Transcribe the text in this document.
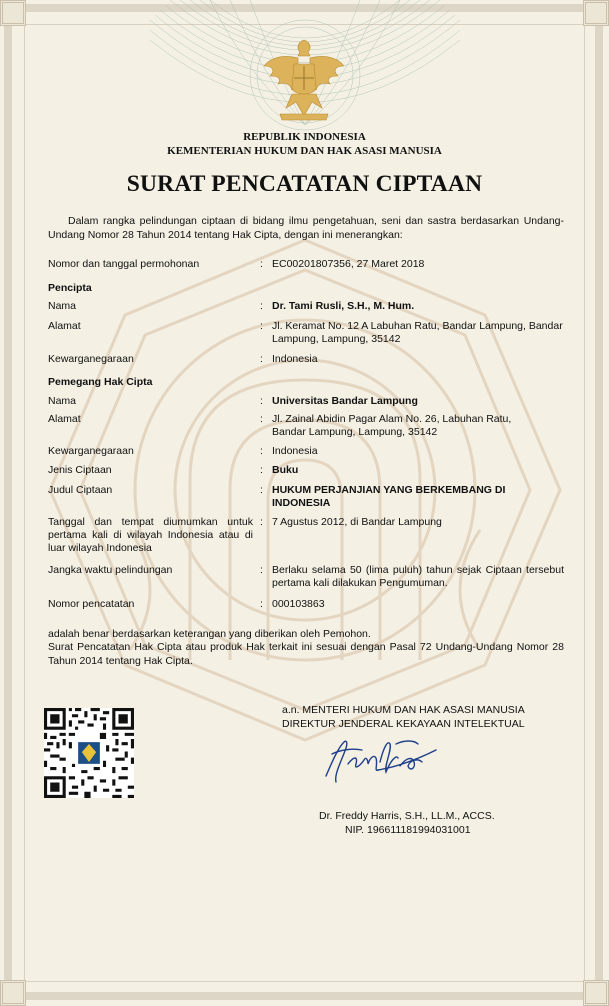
REPUBLIK INDONESIA
KEMENTERIAN HUKUM DAN HAK ASASI MANUSIA
SURAT PENCATATAN CIPTAAN
Dalam rangka pelindungan ciptaan di bidang ilmu pengetahuan, seni dan sastra berdasarkan Undang-Undang Nomor 28 Tahun 2014 tentang Hak Cipta, dengan ini menerangkan:
Nomor dan tanggal permohonan	: EC00201807356, 27 Maret 2018
Pencipta
Nama	: Dr. Tami Rusli, S.H., M. Hum.
Alamat	: Jl. Keramat No. 12 A Labuhan Ratu, Bandar Lampung, Bandar Lampung, Lampung, 35142
Kewarganegaraan	: Indonesia
Pemegang Hak Cipta
Nama	: Universitas Bandar Lampung
Alamat	: Jl. Zainal Abidin Pagar Alam No. 26, Labuhan Ratu, Bandar Lampung, Lampung, 35142
Kewarganegaraan	: Indonesia
Jenis Ciptaan	: Buku
Judul Ciptaan	: HUKUM PERJANJIAN YANG BERKEMBANG DI INDONESIA
Tanggal dan tempat diumumkan untuk pertama kali di wilayah Indonesia atau di luar wilayah Indonesia
: 7 Agustus 2012, di Bandar Lampung
Jangka waktu pelindungan	: Berlaku selama 50 (lima puluh) tahun sejak Ciptaan tersebut pertama kali dilakukan Pengumuman.
Nomor pencatatan	: 000103863
adalah benar berdasarkan keterangan yang diberikan oleh Pemohon.
Surat Pencatatan Hak Cipta atau produk Hak terkait ini sesuai dengan Pasal 72 Undang-Undang Nomor 28 Tahun 2014 tentang Hak Cipta.
a.n. MENTERI HUKUM DAN HAK ASASI MANUSIA
DIREKTUR JENDERAL KEKAYAAN INTELEKTUAL
Dr. Freddy Harris, S.H., LL.M., ACCS.
NIP. 196611181994031001
